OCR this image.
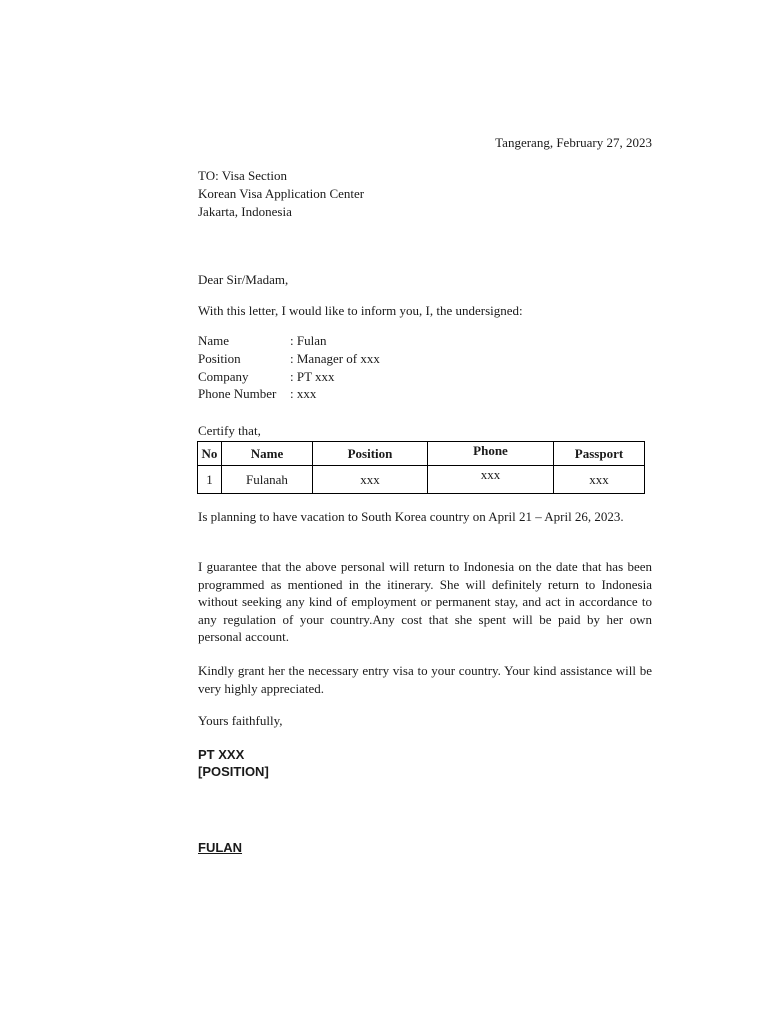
Tangerang, February 27, 2023
TO: Visa Section
Korean Visa Application Center
Jakarta, Indonesia
Dear Sir/Madam,
With this letter, I would like to inform you, I, the undersigned:
Name	: Fulan
Position	: Manager of xxx
Company	: PT xxx
Phone Number	: xxx
Certify that,
No	Name	Position	Phone	Passport
1	Fulanah	xxx	xxx	xxx
Is planning to have vacation to South Korea country on April 21 – April 26, 2023.
I guarantee that the above personal will return to Indonesia on the date that has been programmed as mentioned in the itinerary. She will definitely return to Indonesia without seeking any kind of employment or permanent stay, and act in accordance to any regulation of your country.Any cost that she spent will be paid by her own personal account.
Kindly grant her the necessary entry visa to your country. Your kind assistance will be very highly appreciated.
Yours faithfully,
PT XXX
[POSITION]
FULAN
